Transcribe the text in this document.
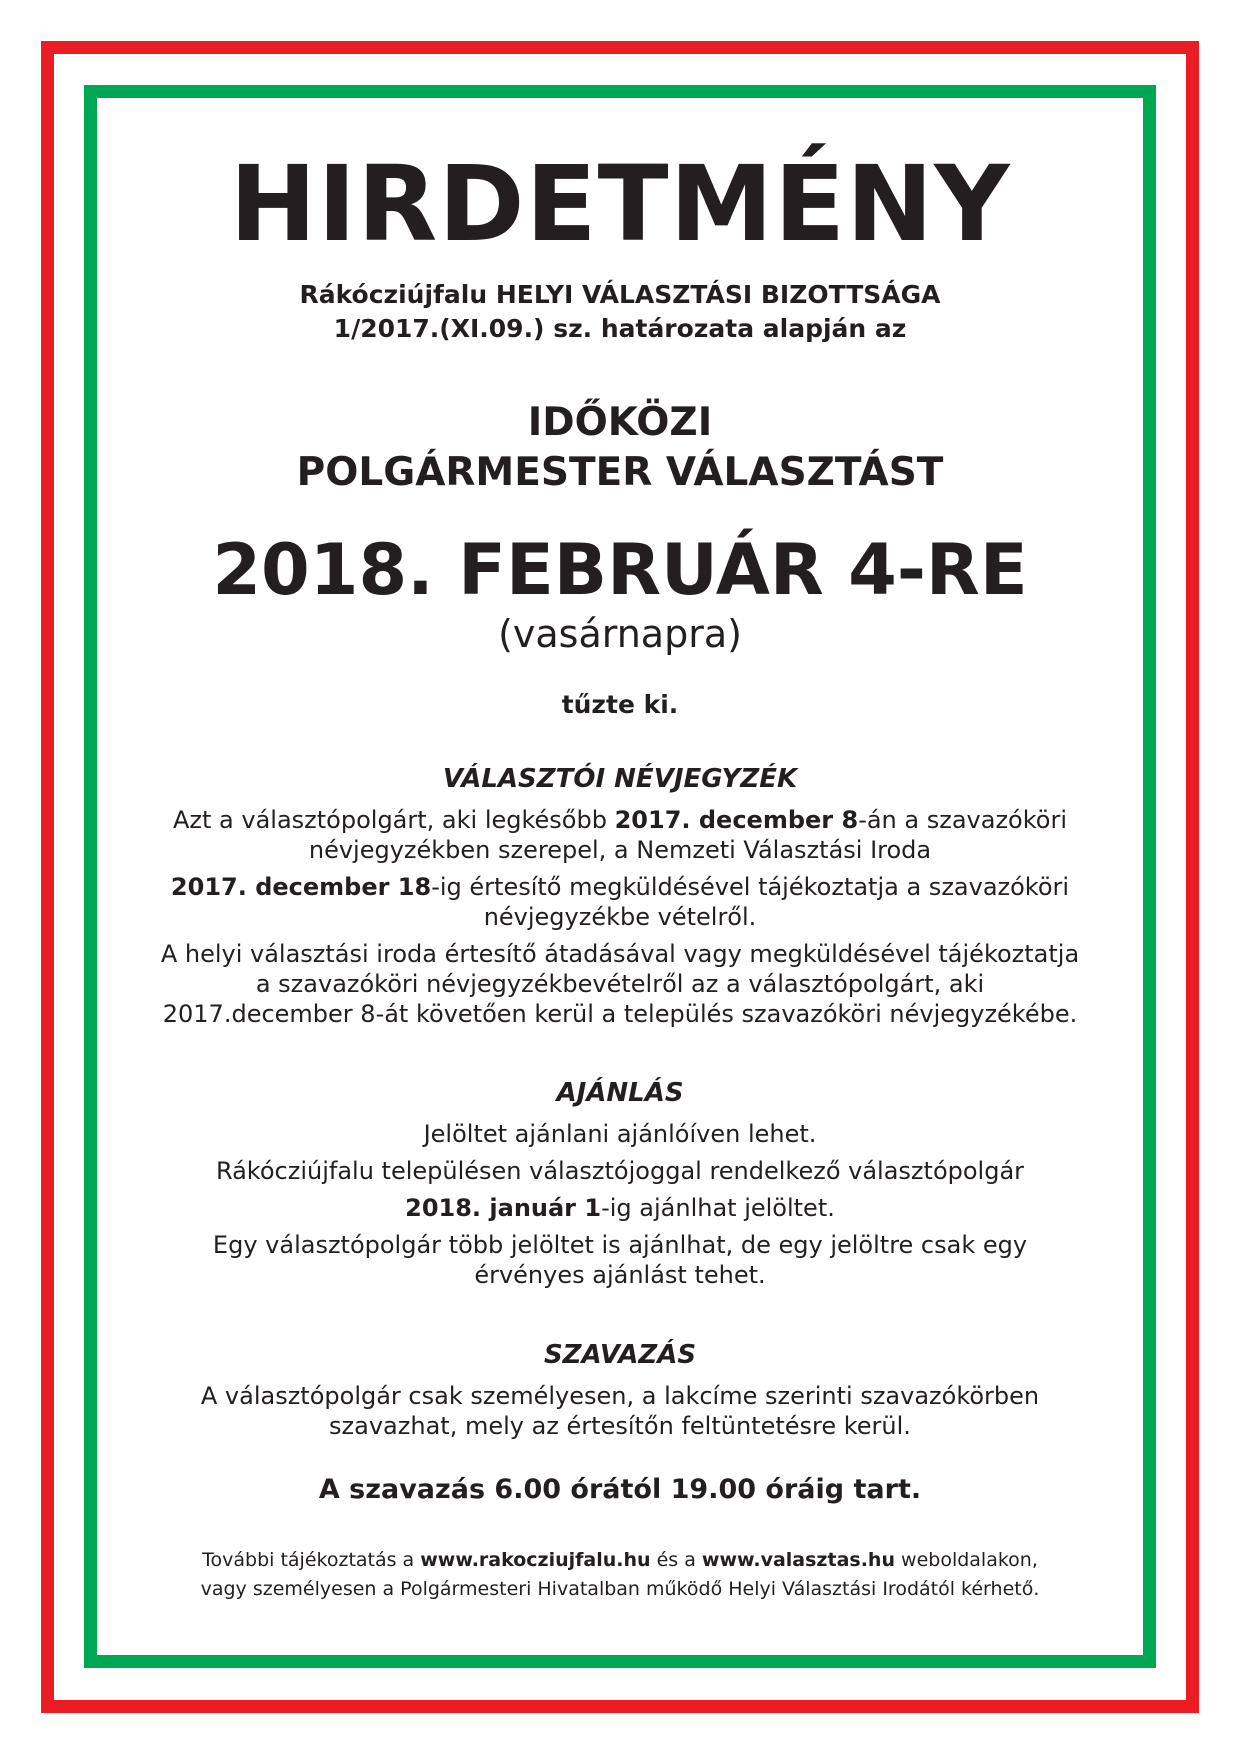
HIRDETMÉNY
Rákócziújfalu HELYI VÁLASZTÁSI BIZOTTSÁGA
1/2017.(XI.09.) sz. határozata alapján az
IDŐKÖZI
POLGÁRMESTER VÁLASZTÁST
2018. FEBRUÁR 4-RE
(vasárnapra)
tűzte ki.
VÁLASZTÓI NÉVJEGYZÉK

Azt a választópolgárt, aki legkésőbb 2017. december 8-án a szavazóköri
névjegyzékben szerepel, a Nemzeti Választási Iroda

2017. december 18-ig értesítő megküldésével tájékoztatja a szavazóköri
névjegyzékbe vételről.

A helyi választási iroda értesítő átadásával vagy megküldésével tájékoztatja
a szavazóköri névjegyzékbevételről az a választópolgárt, aki
2017.december 8-át követően kerül a település szavazóköri névjegyzékébe.

AJÁNLÁS

Jelöltet ajánlani ajánlóíven lehet.

Rákócziújfalu településen választójoggal rendelkező választópolgár

2018. január 1-ig ajánlhat jelöltet.

Egy választópolgár több jelöltet is ajánlhat, de egy jelöltre csak egy
érvényes ajánlást tehet.

SZAVAZÁS

A választópolgár csak személyesen, a lakcíme szerinti szavazókörben
szavazhat, mely az értesítőn feltüntetésre kerül.

A szavazás 6.00 órától 19.00 óráig tart.
További tájékoztatás a www.rakocziujfalu.hu és a www.valasztas.hu weboldalakon,
vagy személyesen a Polgármesteri Hivatalban működő Helyi Választási Irodától kérhető.
